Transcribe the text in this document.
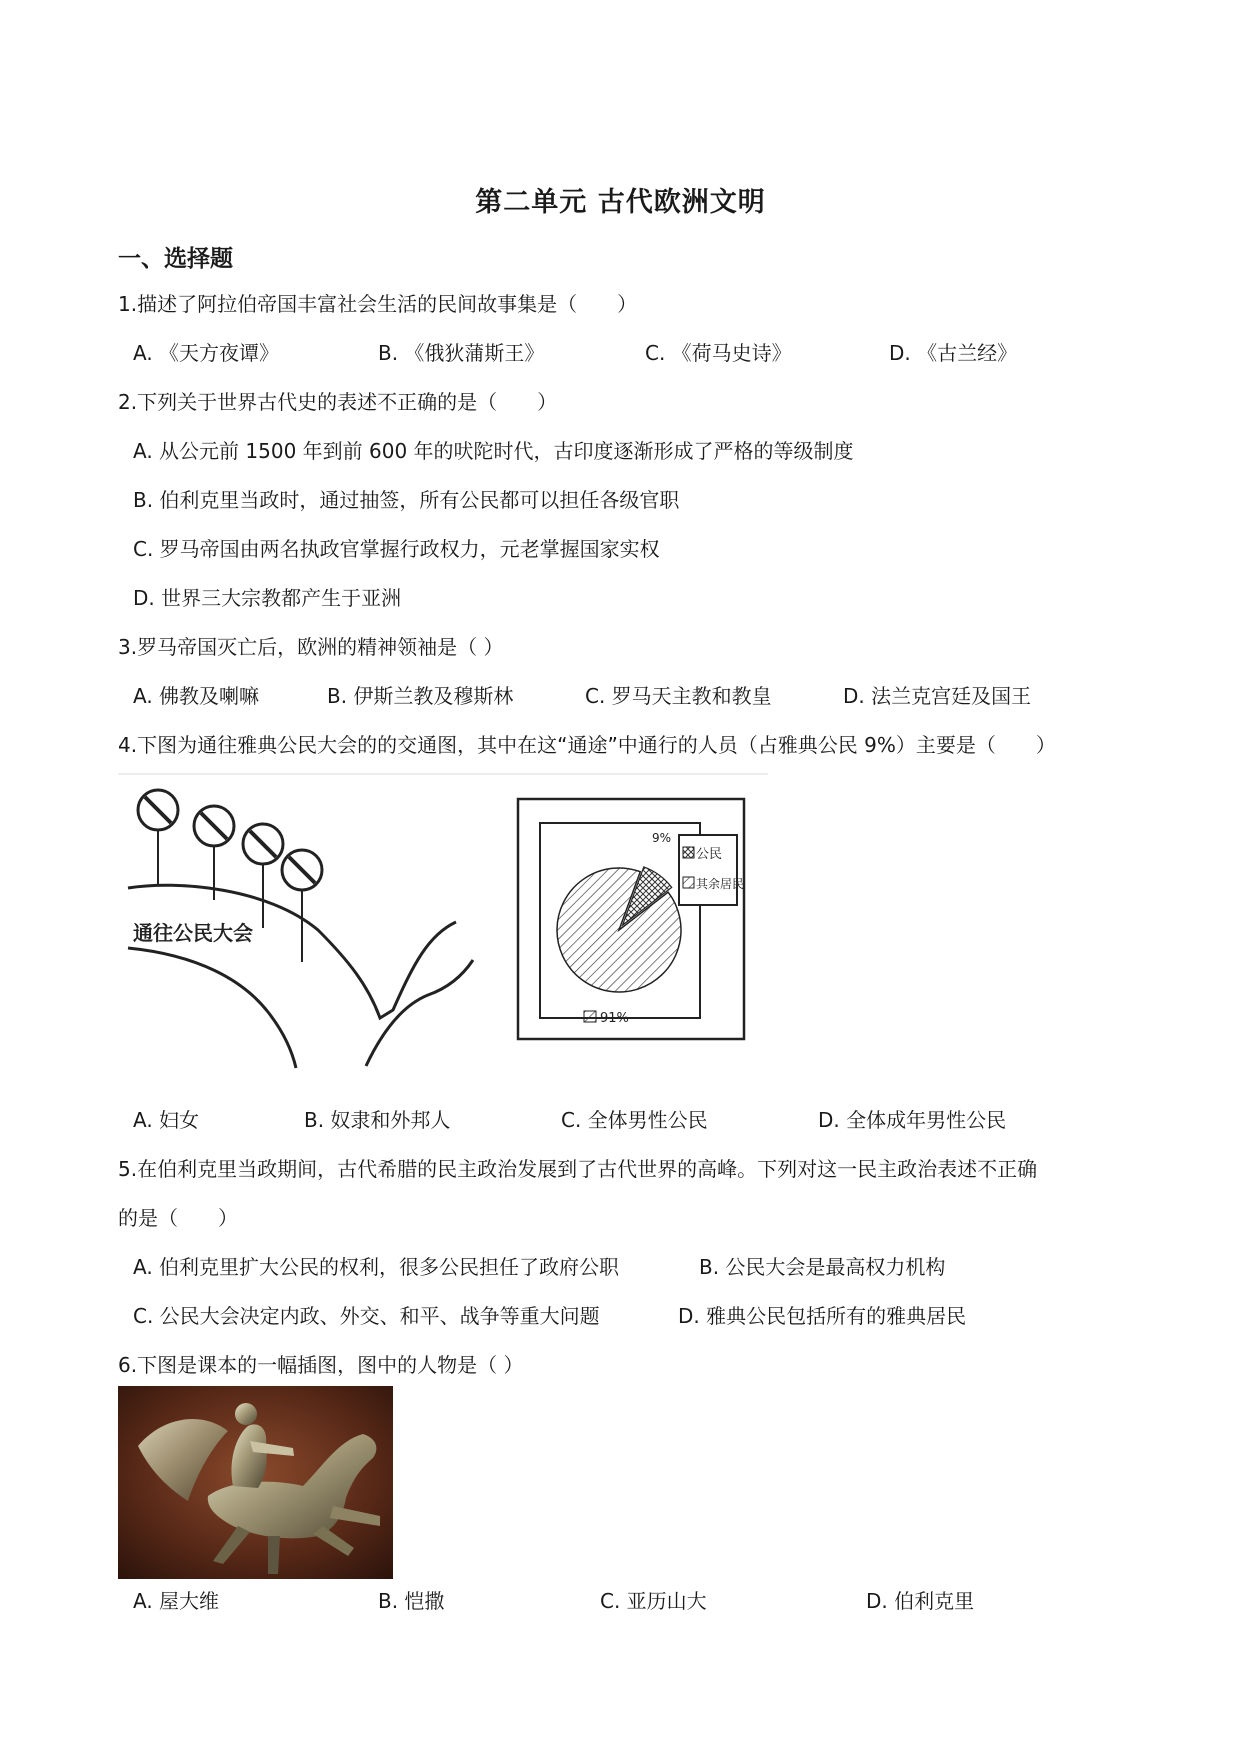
第二单元 古代欧洲文明
一、选择题
1.描述了阿拉伯帝国丰富社会生活的民间故事集是（　　）
A. 《天方夜谭》	B. 《俄狄蒲斯王》	C. 《荷马史诗》	D. 《古兰经》
2.下列关于世界古代史的表述不正确的是（　　）
A. 从公元前 1500 年到前 600 年的吠陀时代，古印度逐渐形成了严格的等级制度
B. 伯利克里当政时，通过抽签，所有公民都可以担任各级官职
C. 罗马帝国由两名执政官掌握行政权力，元老掌握国家实权
D. 世界三大宗教都产生于亚洲
3.罗马帝国灭亡后，欧洲的精神领袖是（ ）
A. 佛教及喇嘛	B. 伊斯兰教及穆斯林	C. 罗马天主教和教皇	D. 法兰克宫廷及国王
4.下图为通往雅典公民大会的的交通图，其中在这“通途”中通行的人员（占雅典公民 9%）主要是（　　）
通往公民大会
9%
91%
公民
其余居民
A. 妇女	B. 奴隶和外邦人	C. 全体男性公民	D. 全体成年男性公民
5.在伯利克里当政期间，古代希腊的民主政治发展到了古代世界的高峰。下列对这一民主政治表述不正确
的是（　　）
A. 伯利克里扩大公民的权利，很多公民担任了政府公职	B. 公民大会是最高权力机构
C. 公民大会决定内政、外交、和平、战争等重大问题	D. 雅典公民包括所有的雅典居民
6.下图是课本的一幅插图，图中的人物是（ ）
A. 屋大维	B. 恺撒	C. 亚历山大	D. 伯利克里
